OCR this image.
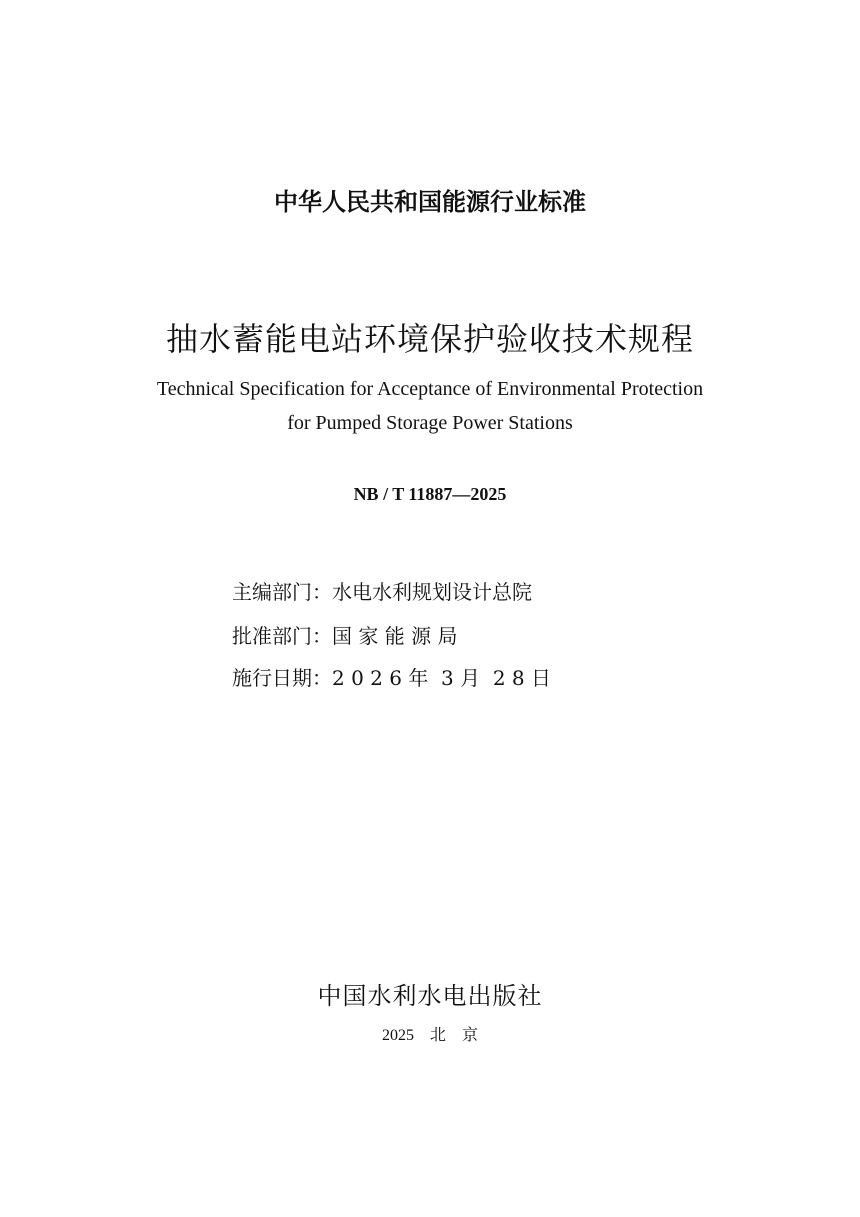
中华人民共和国能源行业标准
抽水蓄能电站环境保护验收技术规程
Technical Specification for Acceptance of Environmental Protection
for Pumped Storage Power Stations
NB / T 11887—2025
主编部门： 水电水利规划设计总院
批准部门： 国 家 能 源 局
施行日期： 2 0 2 6 年  3 月  2 8 日
中国水利水电出版社
2025 北 京
